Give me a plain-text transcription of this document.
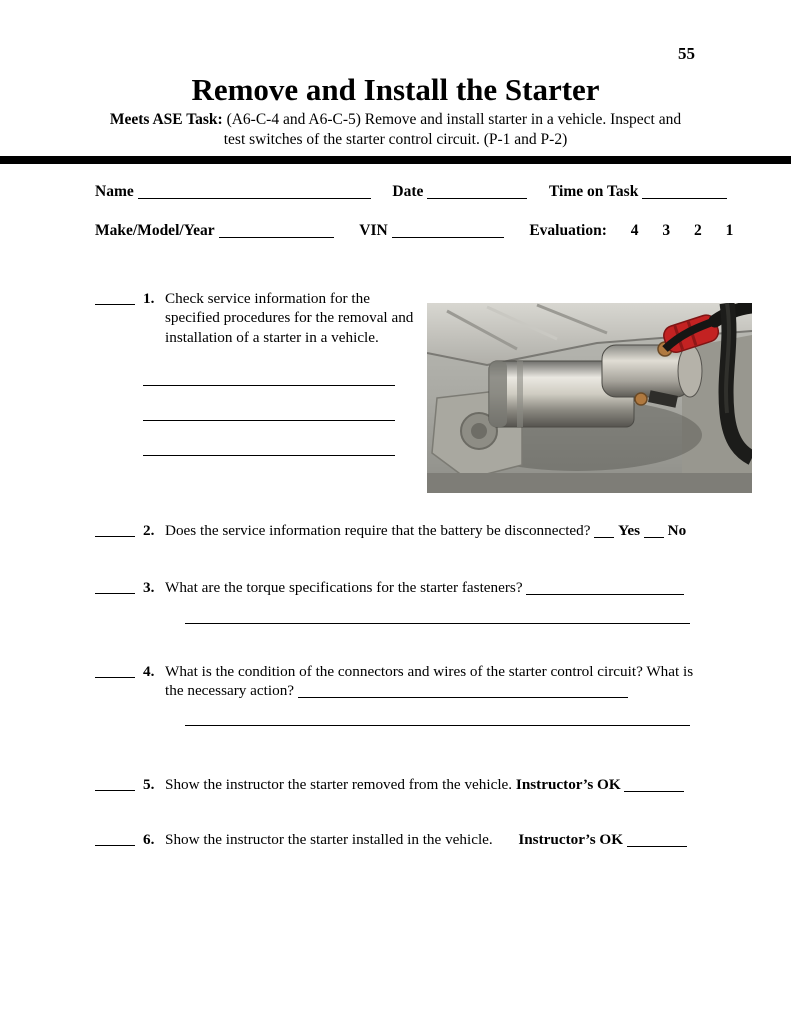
55
Remove and Install the Starter
Meets ASE Task: (A6-C-4 and A6-C-5) Remove and install starter in a vehicle. Inspect and
test switches of the starter control circuit. (P-1 and P-2)
Name	Date	Time on Task
Make/Model/Year	VIN	Evaluation: 4 3 2 1
1. Check service information for the specified procedures for the removal and installation of a starter in a vehicle.
2. Does the service information require that the battery be disconnected? Yes No
3. What are the torque specifications for the starter fasteners?
4. What is the condition of the connectors and wires of the starter control circuit? What is the necessary action?
5. Show the instructor the starter removed from the vehicle. Instructor’s OK
6. Show the instructor the starter installed in the vehicle. Instructor’s OK
